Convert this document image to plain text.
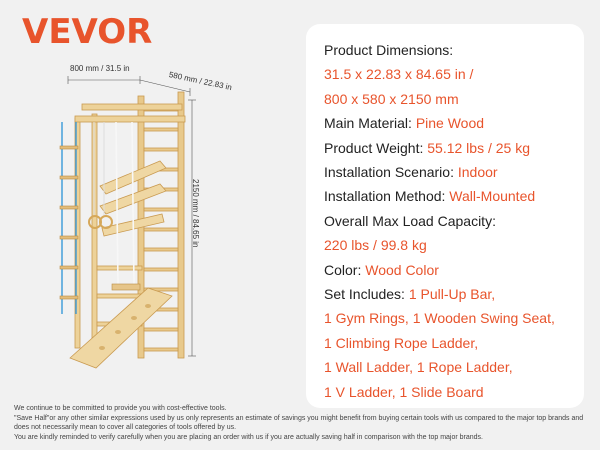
VEVOR
800 mm / 31.5 in
580 mm / 22.83 in
2150 mm / 84.65 in
Product Dimensions:
31.5 x 22.83 x 84.65 in /
800 x 580 x 2150 mm
Main Material: Pine Wood
Product Weight: 55.12 lbs / 25 kg
Installation Scenario: Indoor
Installation Method: Wall-Mounted
Overall Max Load Capacity:
220 lbs / 99.8 kg
Color: Wood Color
Set Includes: 1 Pull-Up Bar,
1 Gym Rings, 1 Wooden Swing Seat,
1 Climbing Rope Ladder,
1 Wall Ladder, 1 Rope Ladder,
1 V Ladder, 1 Slide Board
We continue to be committed to provide you with cost-effective tools.
"Save Half"or any other similar expressions used by us only represents an estimate of savings you might benefit from buying certain tools with us compared to the major top brands and does not necessarily mean to cover all categories of tools offered by us.
You are kindly reminded to verify carefully when you are placing an order with us if you are actually saving half in comparison with the top major brands.
